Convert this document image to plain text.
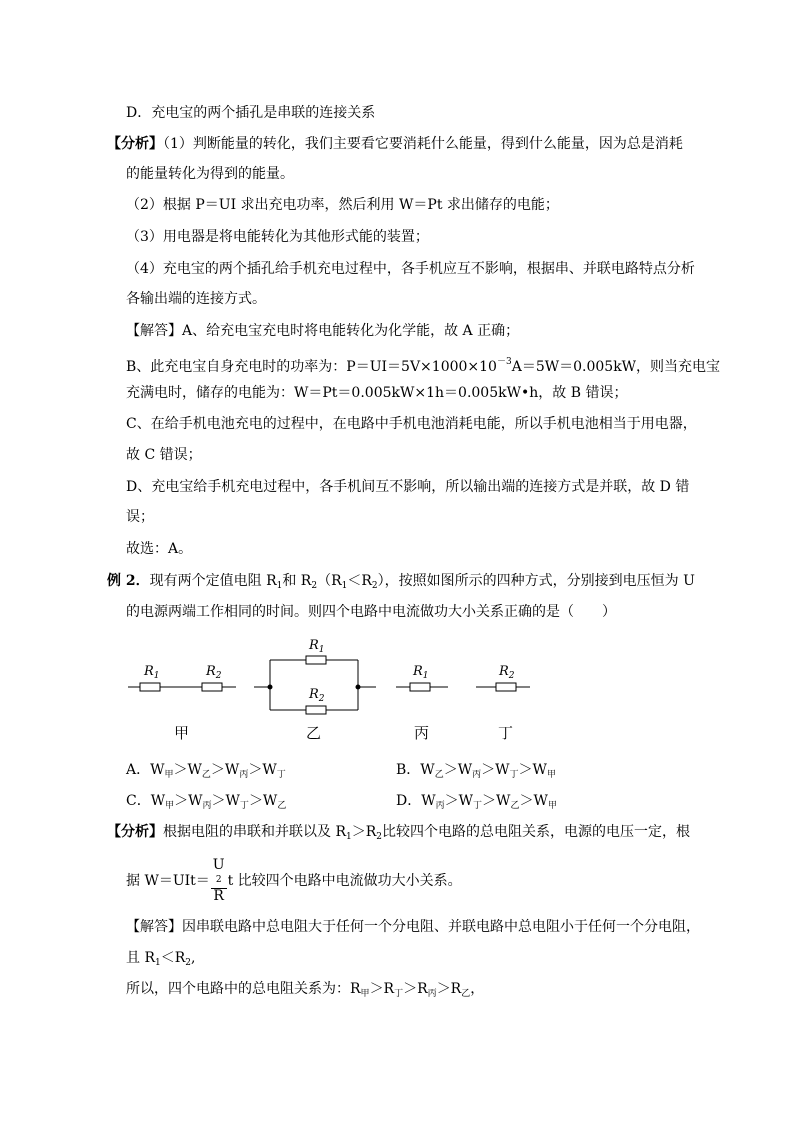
D．充电宝的两个插孔是串联的连接关系
【分析】（1）判断能量的转化，我们主要看它要消耗什么能量，得到什么能量，因为总是消耗
的能量转化为得到的能量。
（2）根据 P＝UI 求出充电功率，然后利用 W＝Pt 求出储存的电能；
（3）用电器是将电能转化为其他形式能的装置；
（4）充电宝的两个插孔给手机充电过程中，各手机应互不影响，根据串、并联电路特点分析
各输出端的连接方式。
【解答】A、给充电宝充电时将电能转化为化学能，故 A 正确；
B、此充电宝自身充电时的功率为：$P=UI=5V\times 1000\times 10^{-3}A=5W=0.005kW$，则当充电宝
充满电时，储存的电能为：W＝Pt＝0.005kW×1h＝0.005kW•h，故 B 错误；
C、在给手机电池充电的过程中，在电路中手机电池消耗电能，所以手机电池相当于用电器，
故 C 错误；
D、充电宝给手机充电过程中，各手机间互不影响，所以输出端的连接方式是并联，故 D 错
误；
故选：A。
例 2．现有两个定值电阻 $R_1$和 $R_2(R_1<R_2)$，按照如图所示的四种方式，分别接到电压恒为 U
的电源两端工作相同的时间。则四个电路中电流做功大小关系正确的是（　　）
$R_1$	$R_2$
$R_1$
$R_2$
$R_1$	$R_2$
甲	乙	丙	丁
A．$W_甲>W_乙>W_丙>W_丁$	B．$W_乙>W_丙>W_丁>W_甲$
C．$W_甲>W_丙>W_丁>W_乙$	D．$W_丙>W_丁>W_乙>W_甲$
【分析】根据电阻的串联和并联以及 $R_1>R_2$比较四个电路的总电阻关系，电源的电压一定，根
据 W＝UIt＝ U
2
R t 比较四个电路中电流做功大小关系。
【解答】因串联电路中总电阻大于任何一个分电阻、并联电路中总电阻小于任何一个分电阻，
且 $R_1<R_2$,
所以，四个电路中的总电阻关系为：$R_甲>R_丁>R_丙>R_乙$，
